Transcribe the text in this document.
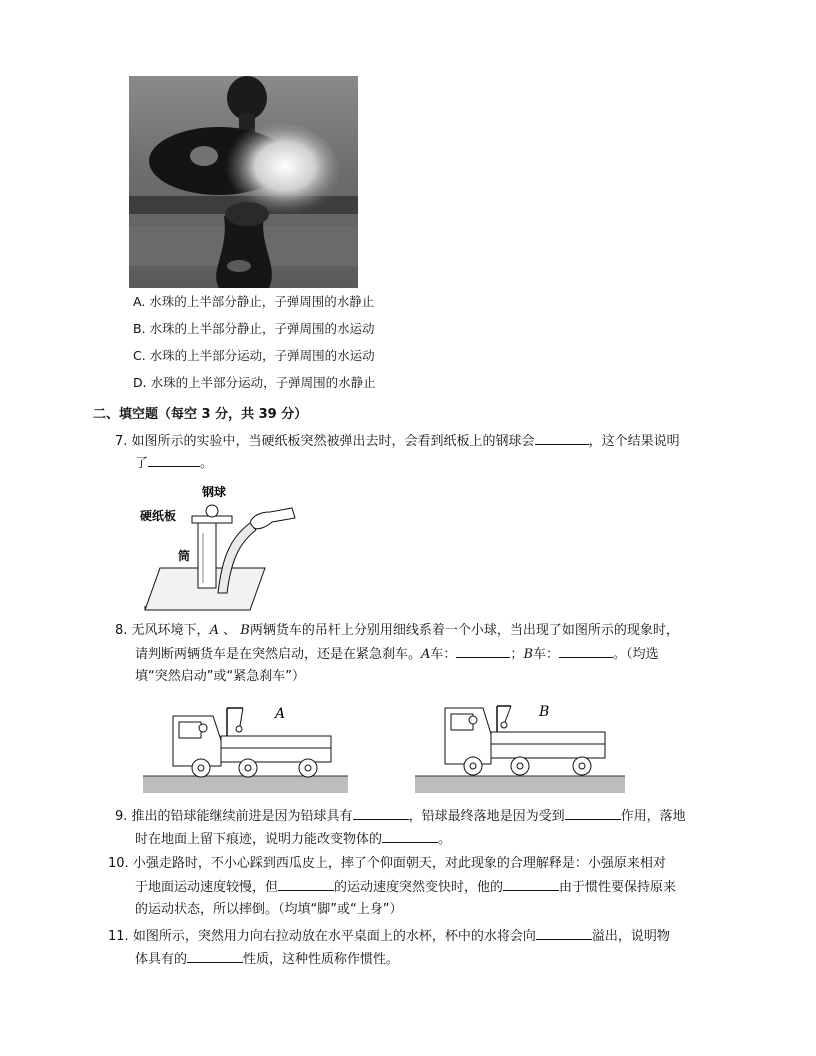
A. 水珠的上半部分静止，子弹周围的水静止
B. 水珠的上半部分静止，子弹周围的水运动
C. 水珠的上半部分运动，子弹周围的水运动
D. 水珠的上半部分运动，子弹周围的水静止
二、填空题（每空 3 分，共 39 分）
7. 如图所示的实验中，当硬纸板突然被弹出去时，会看到纸板上的钢球会	，这个结果说明
了	。
钢球
硬纸板
筒
8. 无风环境下，A 、 B两辆货车的吊杆上分别用细线系着一个小球，当出现了如图所示的现象时，
请判断两辆货车是在突然启动，还是在紧急刹车。A车：	；B车：	。（均选
填“突然启动”或“紧急刹车”）
A	B
9. 推出的铅球能继续前进是因为铅球具有	，铅球最终落地是因为受到	作用，落地
时在地面上留下痕迹，说明力能改变物体的	。
10. 小强走路时，不小心踩到西瓜皮上，摔了个仰面朝天，对此现象的合理解释是：小强原来相对
于地面运动速度较慢，但	的运动速度突然变快时，他的	由于惯性要保持原来
的运动状态，所以摔倒。（均填“脚”或“上身”）
11. 如图所示，突然用力向右拉动放在水平桌面上的水杯，杯中的水将会向	溢出，说明物
体具有的	性质，这种性质称作惯性。
